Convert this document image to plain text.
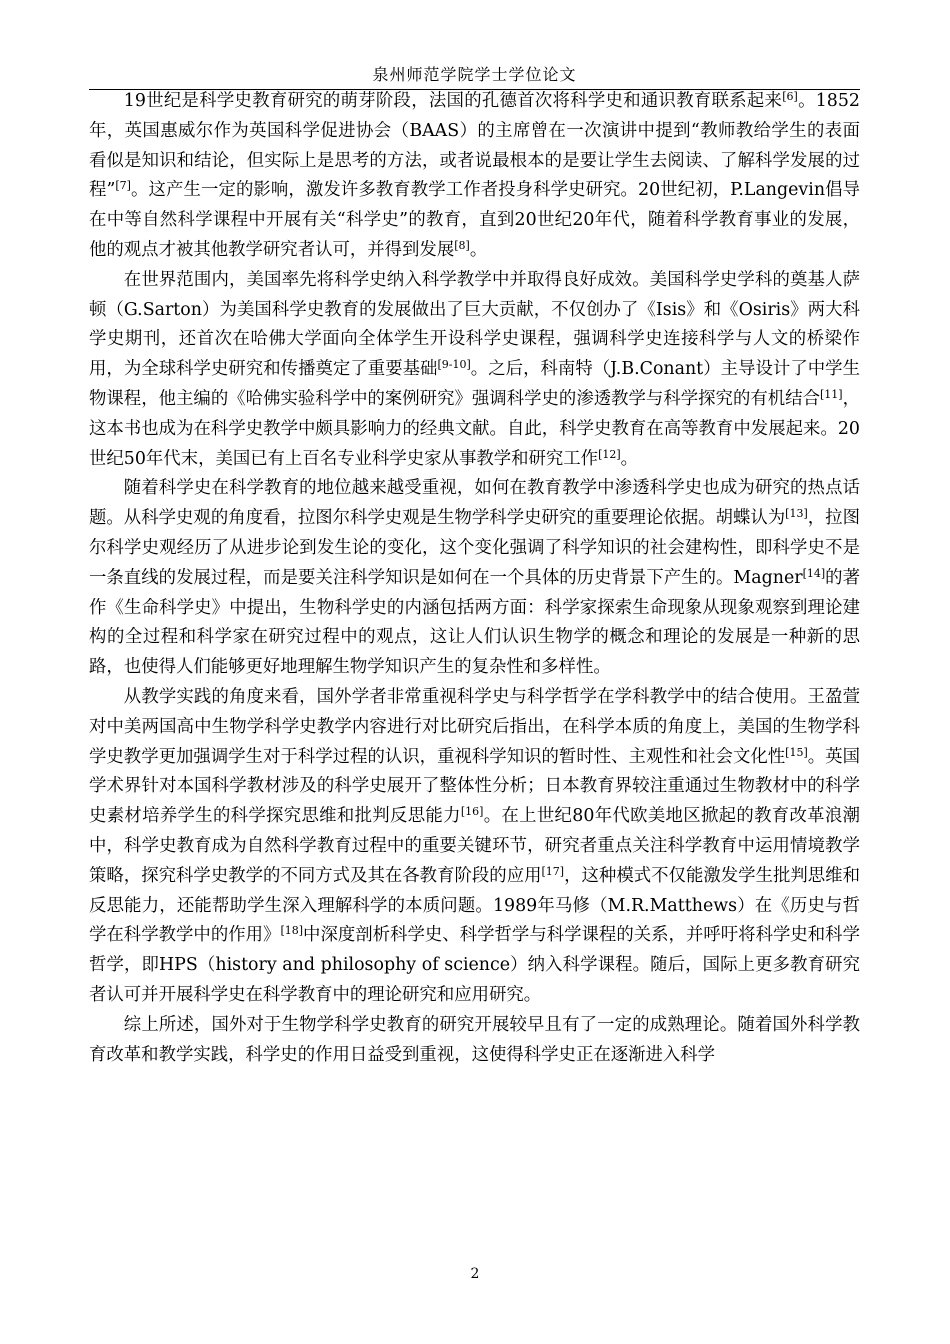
泉州师范学院学士学位论文

19世纪是科学史教育研究的萌芽阶段，法国的孔德首次将科学史和通识教育联系起来[6]。1852年，英国惠威尔作为英国科学促进协会（BAAS）的主席曾在一次演讲中提到“教师教给学生的表面看似是知识和结论，但实际上是思考的方法，或者说最根本的是要让学生去阅读、了解科学发展的过程”[7]。这产生一定的影响，激发许多教育教学工作者投身科学史研究。20世纪初，P.Langevin倡导在中等自然科学课程中开展有关“科学史”的教育，直到20世纪20年代，随着科学教育事业的发展，他的观点才被其他教学研究者认可，并得到发展[8]。

在世界范围内，美国率先将科学史纳入科学教学中并取得良好成效。美国科学史学科的奠基人萨顿（G.Sarton）为美国科学史教育的发展做出了巨大贡献，不仅创办了《Isis》和《Osiris》两大科学史期刊，还首次在哈佛大学面向全体学生开设科学史课程，强调科学史连接科学与人文的桥梁作用，为全球科学史研究和传播奠定了重要基础[9-10]。之后，科南特（J.B.Conant）主导设计了中学生物课程，他主编的《哈佛实验科学中的案例研究》强调科学史的渗透教学与科学探究的有机结合[11]，这本书也成为在科学史教学中颇具影响力的经典文献。自此，科学史教育在高等教育中发展起来。20世纪50年代末，美国已有上百名专业科学史家从事教学和研究工作[12]。

随着科学史在科学教育的地位越来越受重视，如何在教育教学中渗透科学史也成为研究的热点话题。从科学史观的角度看，拉图尔科学史观是生物学科学史研究的重要理论依据。胡蝶认为[13]，拉图尔科学史观经历了从进步论到发生论的变化，这个变化强调了科学知识的社会建构性，即科学史不是一条直线的发展过程，而是要关注科学知识是如何在一个具体的历史背景下产生的。Magner[14]的著作《生命科学史》中提出，生物科学史的内涵包括两方面：科学家探索生命现象从现象观察到理论建构的全过程和科学家在研究过程中的观点，这让人们认识生物学的概念和理论的发展是一种新的思路，也使得人们能够更好地理解生物学知识产生的复杂性和多样性。

从教学实践的角度来看，国外学者非常重视科学史与科学哲学在学科教学中的结合使用。王盈萱对中美两国高中生物学科学史教学内容进行对比研究后指出，在科学本质的角度上，美国的生物学科学史教学更加强调学生对于科学过程的认识，重视科学知识的暂时性、主观性和社会文化性[15]。英国学术界针对本国科学教材涉及的科学史展开了整体性分析；日本教育界较注重通过生物教材中的科学史素材培养学生的科学探究思维和批判反思能力[16]。在上世纪80年代欧美地区掀起的教育改革浪潮中，科学史教育成为自然科学教育过程中的重要关键环节，研究者重点关注科学教育中运用情境教学策略，探究科学史教学的不同方式及其在各教育阶段的应用[17]，这种模式不仅能激发学生批判思维和反思能力，还能帮助学生深入理解科学的本质问题。1989年马修（M.R.Matthews）在《历史与哲学在科学教学中的作用》[18]中深度剖析科学史、科学哲学与科学课程的关系，并呼吁将科学史和科学哲学，即HPS（history and philosophy of science）纳入科学课程。随后，国际上更多教育研究者认可并开展科学史在科学教育中的理论研究和应用研究。

综上所述，国外对于生物学科学史教育的研究开展较早且有了一定的成熟理论。随着国外科学教育改革和教学实践，科学史的作用日益受到重视，这使得科学史正在逐渐进入科学

2
